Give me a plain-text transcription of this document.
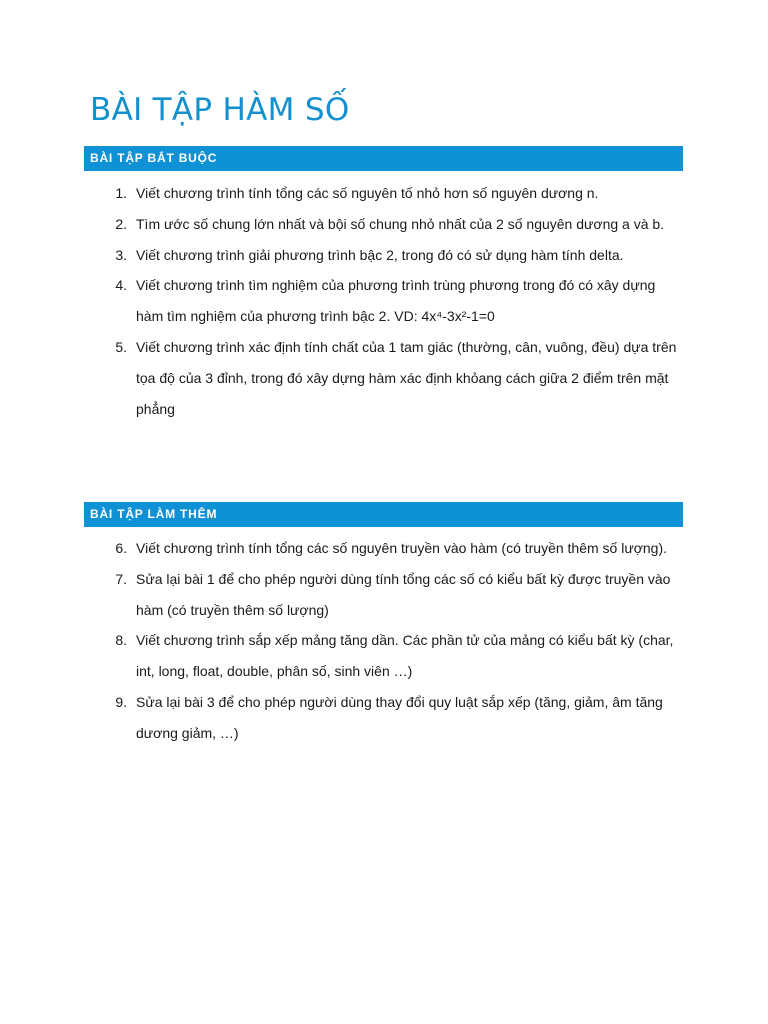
BÀI TẬP HÀM SỐ
BÀI TẬP BẮT BUỘC
1. Viết chương trình tính tổng các số nguyên tố nhỏ hơn số nguyên dương n.
2. Tìm ước số chung lớn nhất và bội số chung nhỏ nhất của 2 số nguyên dương a và b.
3. Viết chương trình giải phương trình bậc 2, trong đó có sử dụng hàm tính delta.
4. Viết chương trình tìm nghiệm của phương trình trùng phương trong đó có xây dựng hàm tìm nghiệm của phương trình bậc 2. VD: 4x⁴-3x²-1=0
5. Viết chương trình xác định tính chất của 1 tam giác (thường, cân, vuông, đều) dựa trên tọa độ của 3 đỉnh, trong đó xây dựng hàm xác định khỏang cách giữa 2 điểm trên mặt phẳng
BÀI TẬP LÀM THÊM
6. Viết chương trình tính tổng các số nguyên truyền vào hàm (có truyền thêm số lượng).
7. Sửa lại bài 1 để cho phép người dùng tính tổng các số có kiểu bất kỳ được truyền vào hàm (có truyền thêm số lượng)
8. Viết chương trình sắp xếp mảng tăng dần. Các phần tử của mảng có kiểu bất kỳ (char, int, long, float, double, phân số, sinh viên …)
9. Sửa lại bài 3 để cho phép người dùng thay đổi quy luật sắp xếp (tăng, giảm, âm tăng dương giảm, …)
